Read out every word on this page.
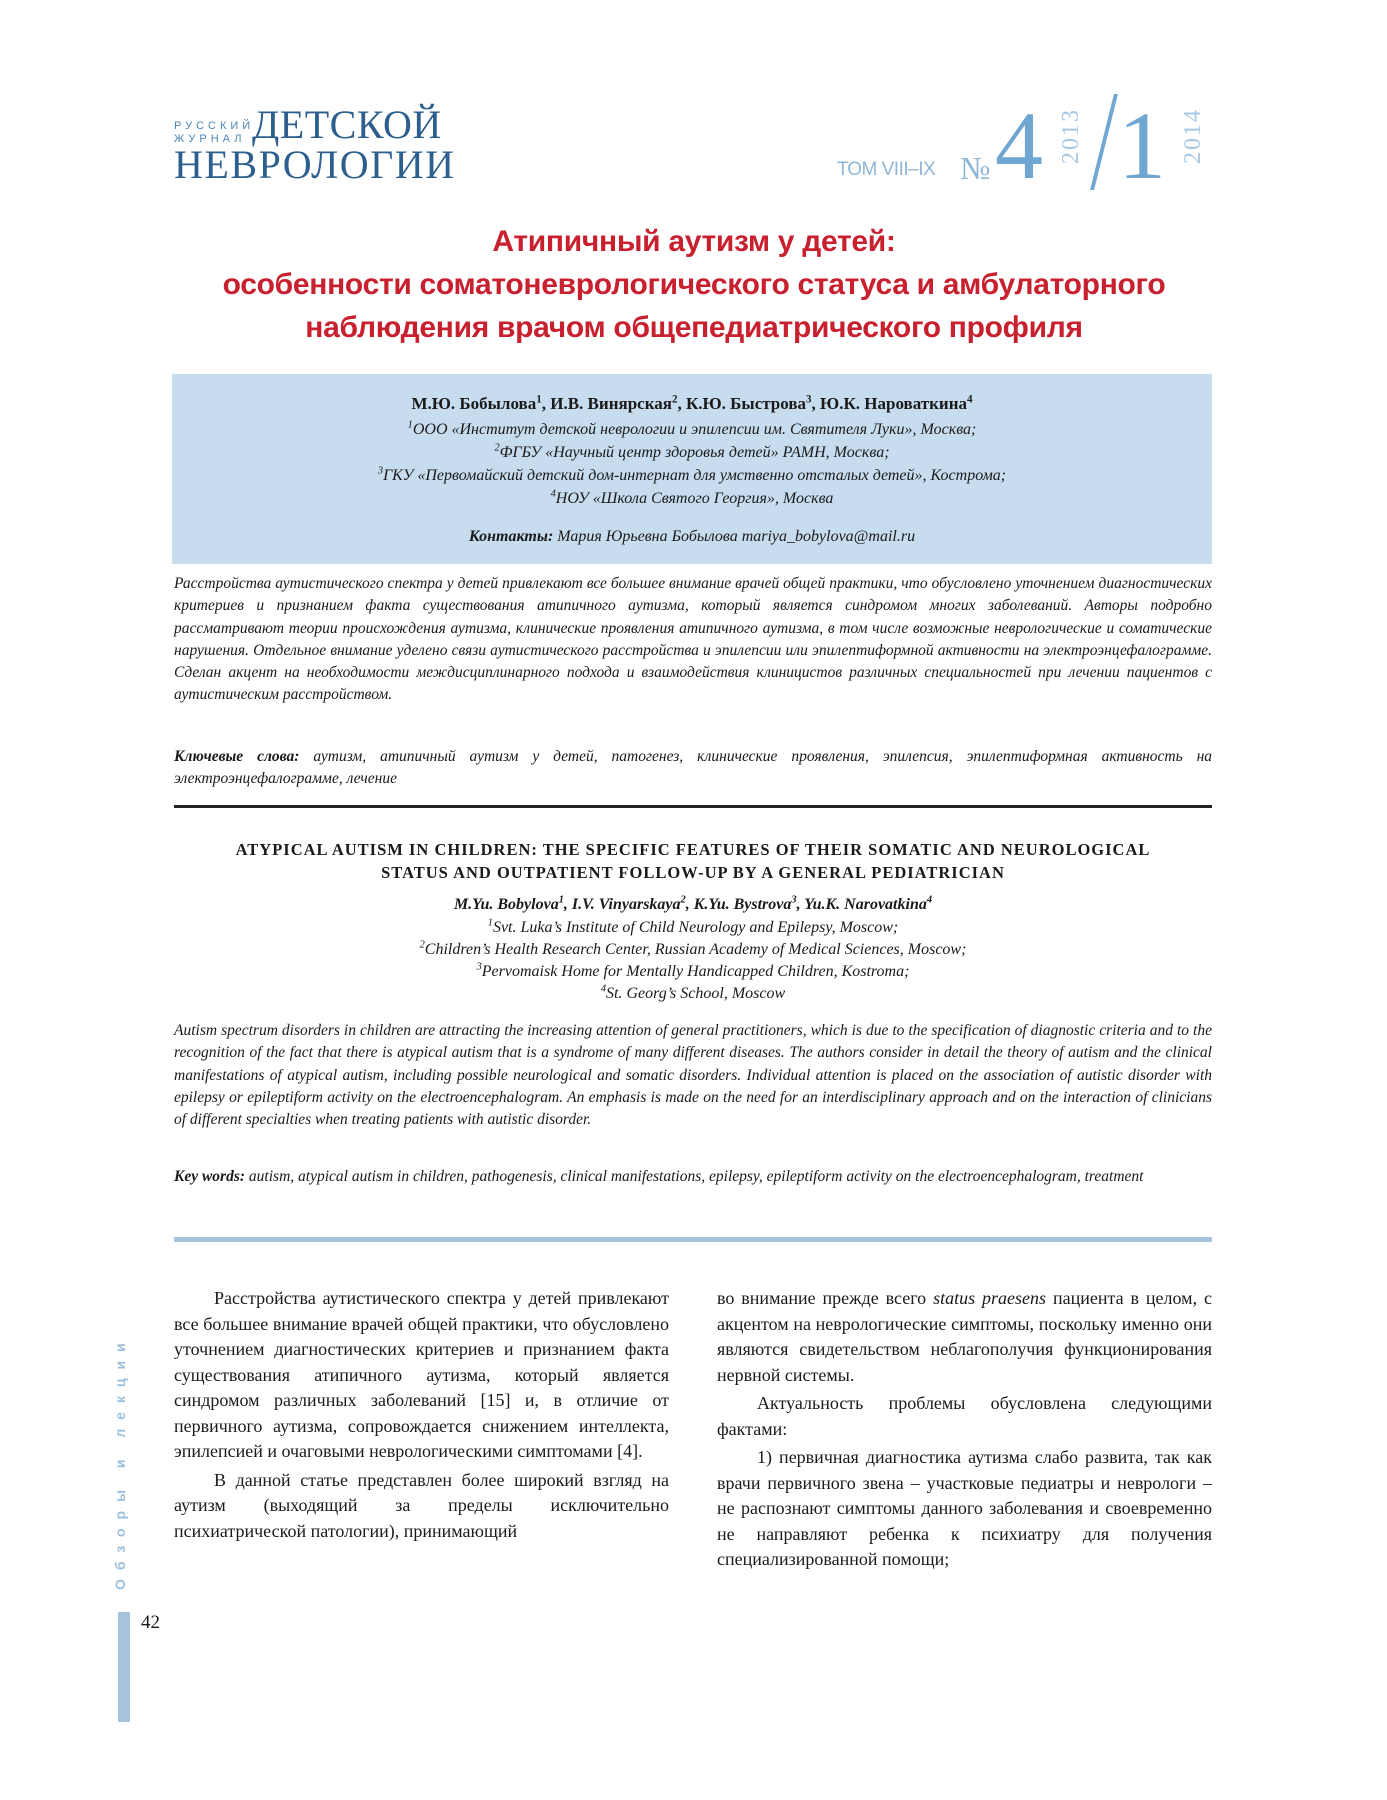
РУССКИЙ
ЖУРНАЛ ДЕТСКОЙ
НЕВРОЛОГИИ	ТОМ VIII–IX № 4 2013 1 2014
Атипичный аутизм у детей:
особенности соматоневрологического статуса и амбулаторного
наблюдения врачом общепедиатрического профиля
М.Ю. Бобылова$^1$, И.В. Винярская$^2$, К.Ю. Быстрова$^3$, Ю.К. Нароваткина$^4$
$^1$ООО «Институт детской неврологии и эпилепсии им. Святителя Луки», Москва;
$^2$ФГБУ «Научный центр здоровья детей» РАМН, Москва;
$^3$ГКУ «Первомайский детский дом-интернат для умственно отсталых детей», Кострома;
$^4$НОУ «Школа Святого Георгия», Москва
Контакты: Мария Юрьевна Бобылова mariya_bobylova@mail.ru
Расстройства аутистического спектра у детей привлекают все большее внимание врачей общей практики, что обусловлено уточнением диагностических критериев и признанием факта существования атипичного аутизма, который является синдромом многих заболеваний. Авторы подробно рассматривают теории происхождения аутизма, клинические проявления атипичного аутизма, в том числе возможные неврологические и соматические нарушения. Отдельное внимание уделено связи аутистического расстройства и эпилепсии или эпилептиформной активности на электроэнцефалограмме. Сделан акцент на необходимости междисциплинарного подхода и взаимодействия клиницистов различных специальностей при лечении пациентов с аутистическим расстройством.
Ключевые слова: аутизм, атипичный аутизм у детей, патогенез, клинические проявления, эпилепсия, эпилептиформная активность на электроэнцефалограмме, лечение
ATYPICAL AUTISM IN CHILDREN: THE SPECIFIC FEATURES OF THEIR SOMATIC AND NEUROLOGICAL
STATUS AND OUTPATIENT FOLLOW-UP BY A GENERAL PEDIATRICIAN
M.Yu. Bobylova$^1$, I.V. Vinyarskaya$^2$, K.Yu. Bystrova$^3$, Yu.K. Narovatkina$^4$
$^1$Svt. Luka’s Institute of Child Neurology and Epilepsy, Moscow;
$^2$Children’s Health Research Center, Russian Academy of Medical Sciences, Moscow;
$^3$Pervomaisk Home for Mentally Handicapped Children, Kostroma;
$^4$St. Georg’s School, Moscow
Autism spectrum disorders in children are attracting the increasing attention of general practitioners, which is due to the specification of diagnostic criteria and to the recognition of the fact that there is atypical autism that is a syndrome of many different diseases. The authors consider in detail the theory of autism and the clinical manifestations of atypical autism, including possible neurological and somatic disorders. Individual attention is placed on the association of autistic disorder with epilepsy or epileptiform activity on the electroencephalogram. An emphasis is made on the need for an interdisciplinary approach and on the interaction of clinicians of different specialties when treating patients with autistic disorder.
Key words: autism, atypical autism in children, pathogenesis, clinical manifestations, epilepsy, epileptiform activity on the electroencephalogram, treatment

Расстройства аутистического спектра у детей привлекают все большее внимание врачей общей практики, что обусловлено уточнением диагностических критериев и признанием факта существования атипичного аутизма, который является синдромом различных заболеваний [15] и, в отличие от первичного аутизма, сопровождается снижением интеллекта, эпилепсией и очаговыми неврологическими симптомами [4].

В данной статье представлен более широкий взгляд на аутизм (выходящий за пределы исключительно психиатрической патологии), принимающий

во внимание прежде всего status praesens пациента в целом, с акцентом на неврологические симптомы, поскольку именно они являются свидетельством неблагополучия функционирования нервной системы.

Актуальность проблемы обусловлена следующими фактами:

1) первичная диагностика аутизма слабо развита, так как врачи первичного звена – участковые педиатры и неврологи – не распознают симптомы данного заболевания и своевременно не направляют ребенка к психиатру для получения специализированной помощи;

Обзоры и лекции
42
